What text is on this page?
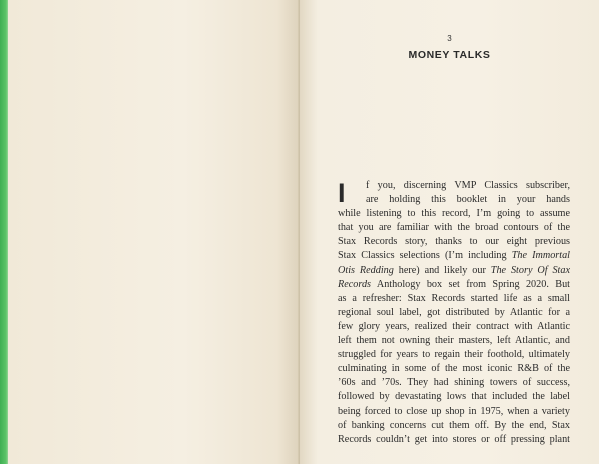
3
MONEY TALKS
I	f you, discerning VMP Classics subscriber,
are holding this booklet in your hands
while listening to this record, I’m going to assume
that you are familiar with the broad contours of the
Stax Records story, thanks to our eight previous
Stax Classics selections (I’m including The Immortal
Otis Redding here) and likely our The Story Of Stax
Records Anthology box set from Spring 2020. But
as a refresher: Stax Records started life as a small
regional soul label, got distributed by Atlantic for a
few glory years, realized their contract with Atlantic
left them not owning their masters, left Atlantic, and
struggled for years to regain their foothold, ultimately
culminating in some of the most iconic R&B of the
’60s and ’70s. They had shining towers of success,
followed by devastating lows that included the label
being forced to close up shop in 1975, when a variety
of banking concerns cut them off. By the end, Stax
Records couldn’t get into stores or off pressing plant
